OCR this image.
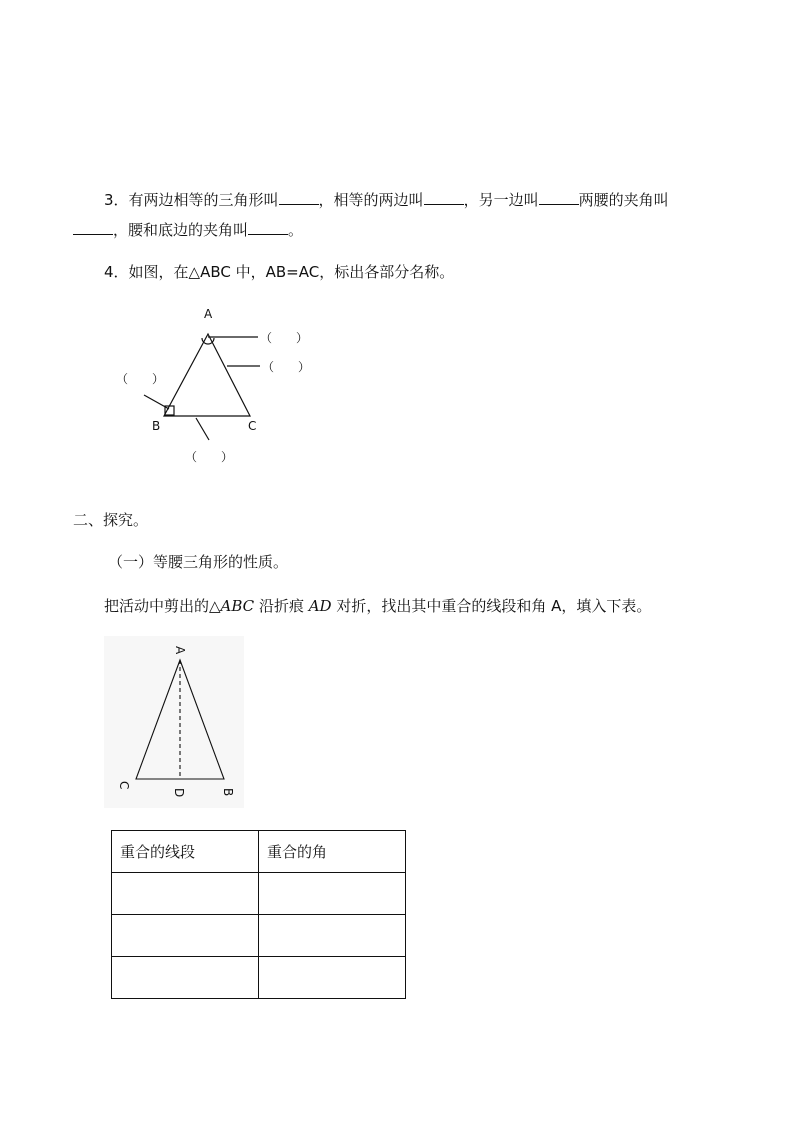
3．有两边相等的三角形叫	，相等的两边叫	，另一边叫	两腰的夹角叫
，腰和底边的夹角叫	。
4．如图，在△ABC 中，AB=AC，标出各部分名称。
A
B	C
（　　）
（　　）
（　　）
（　　）
二、探究。
（一）等腰三角形的性质。
把活动中剪出的△ABC 沿折痕 AD 对折，找出其中重合的线段和角 A，填入下表。
A
C
D	B
重合的线段	重合的角
